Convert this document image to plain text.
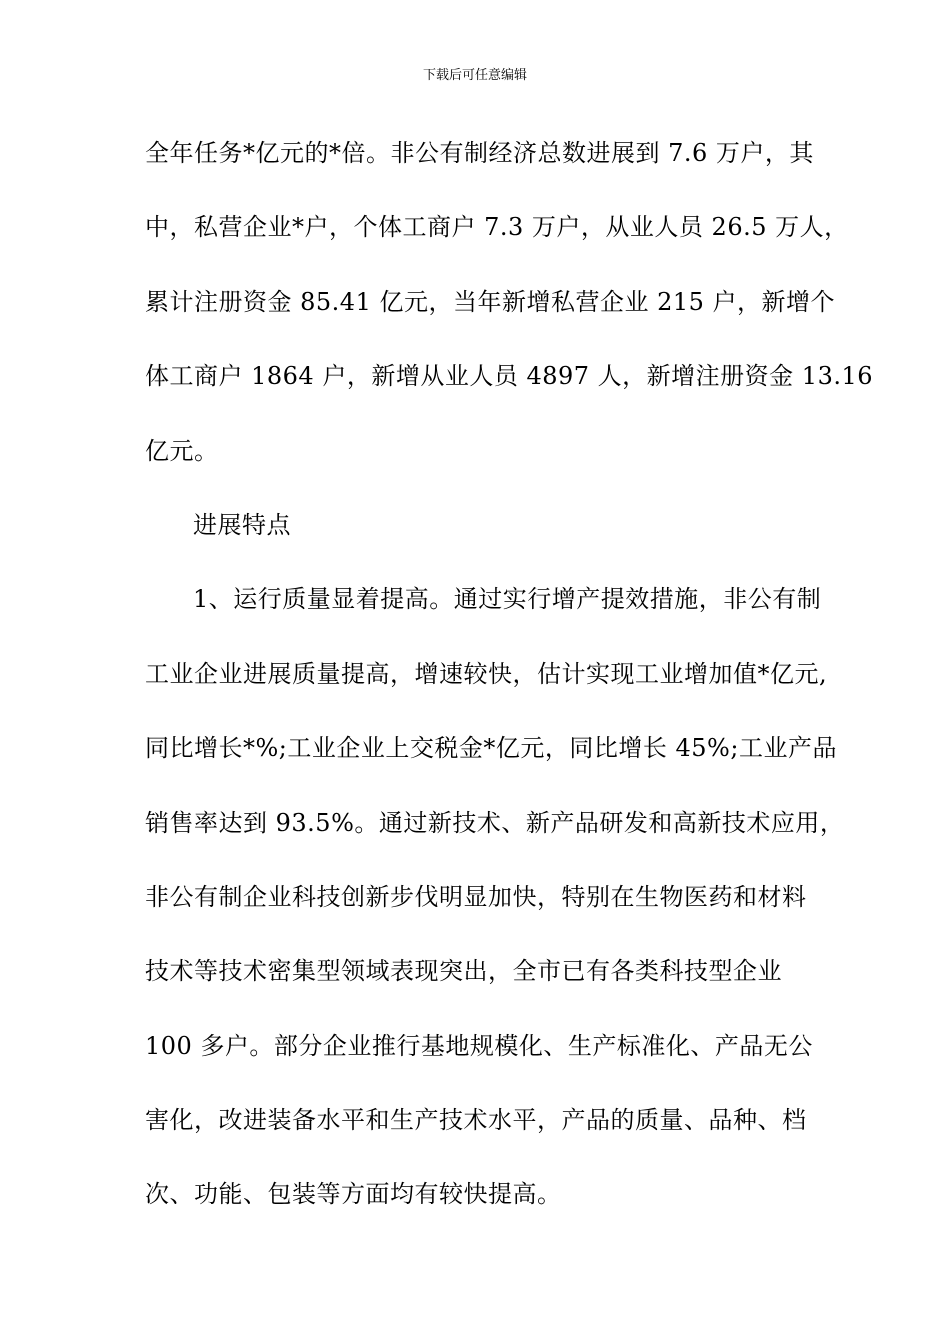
下载后可任意编辑
全年任务*亿元的*倍。非公有制经济总数进展到 7.6 万户，其
中，私营企业*户，个体工商户 7.3 万户，从业人员 26.5 万人，
累计注册资金 85.41 亿元，当年新增私营企业 215 户，新增个
体工商户 1864 户，新增从业人员 4897 人，新增注册资金 13.16
亿元。
进展特点
1、运行质量显着提高。通过实行增产提效措施，非公有制
工业企业进展质量提高，增速较快，估计实现工业增加值*亿元,
同比增长*%;工业企业上交税金*亿元，同比增长 45%;工业产品
销售率达到 93.5%。通过新技术、新产品研发和高新技术应用，
非公有制企业科技创新步伐明显加快，特别在生物医药和材料
技术等技术密集型领域表现突出，全市已有各类科技型企业
100 多户。部分企业推行基地规模化、生产标准化、产品无公
害化，改进装备水平和生产技术水平，产品的质量、品种、档
次、功能、包装等方面均有较快提高。
